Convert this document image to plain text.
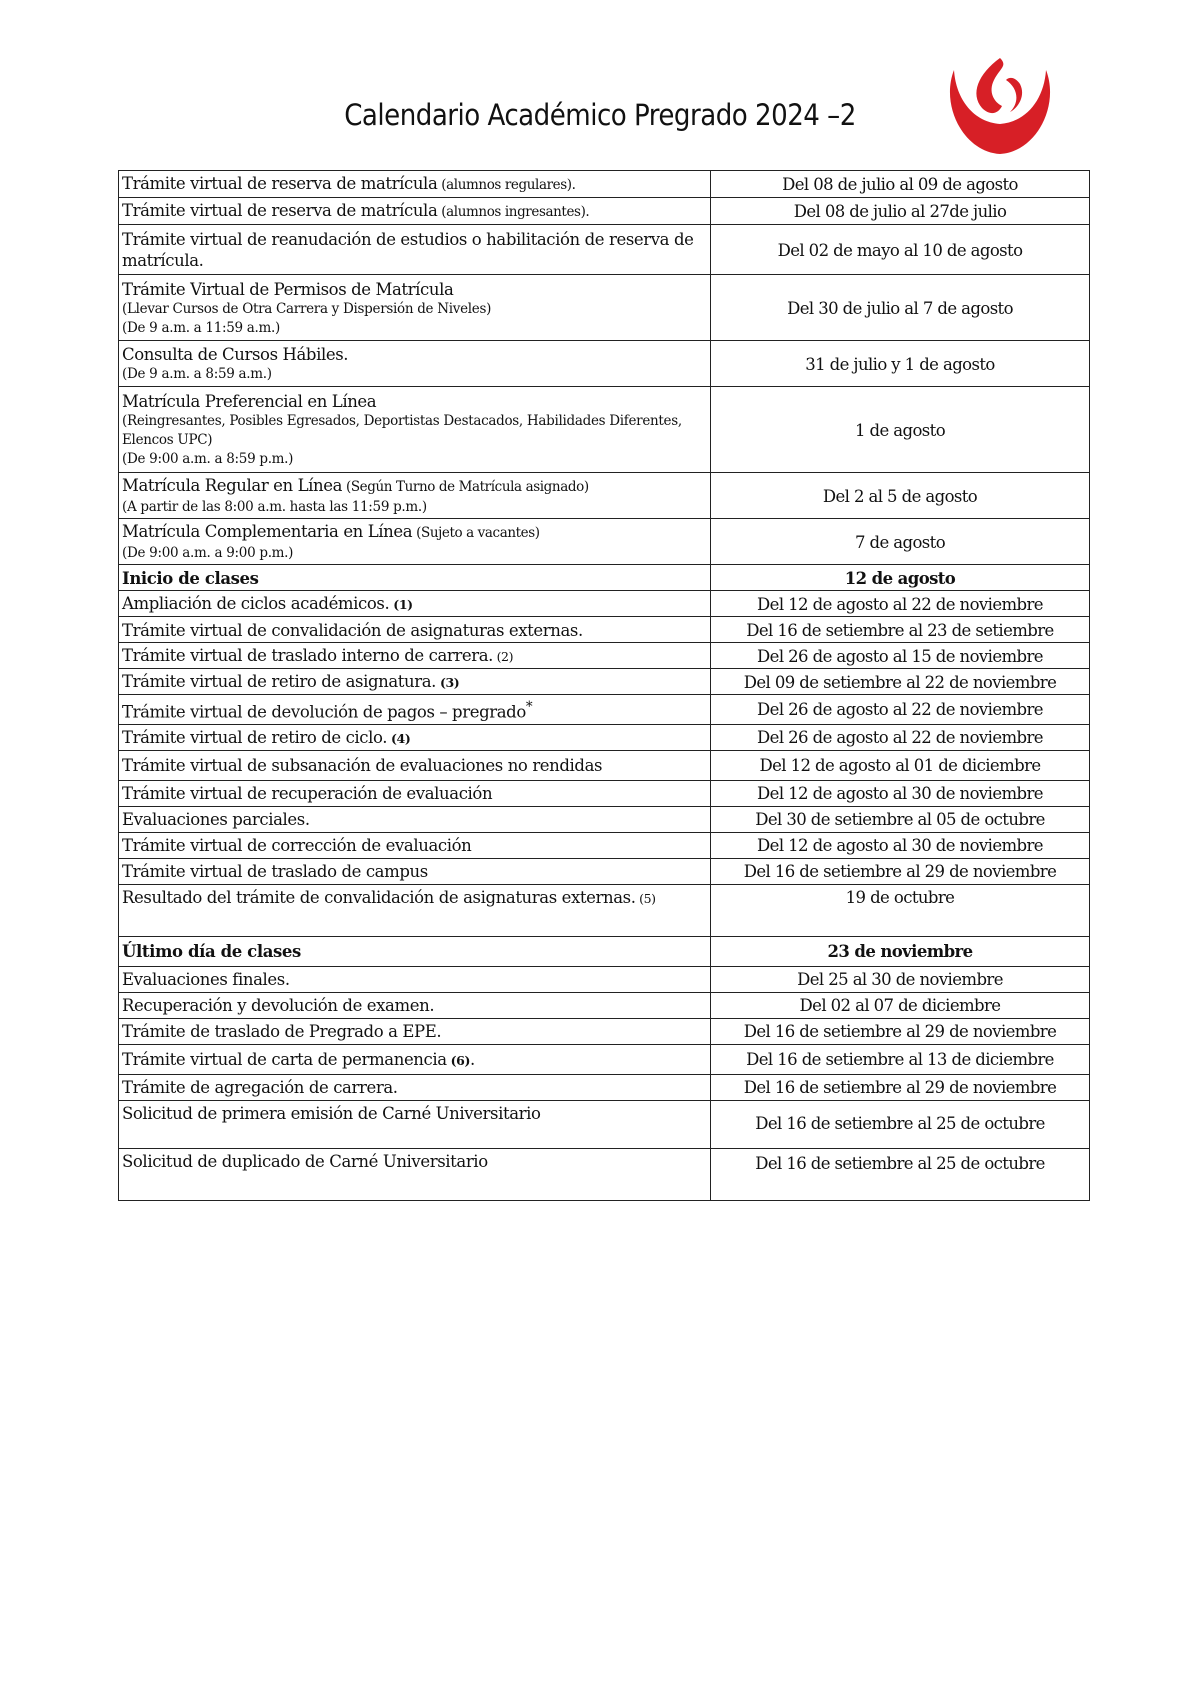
Calendario Académico Pregrado 2024 –2
Trámite virtual de reserva de matrícula (alumnos regulares).	Del 08 de julio al 09 de agosto
Trámite virtual de reserva de matrícula (alumnos ingresantes).	Del 08 de julio al 27de julio
Trámite virtual de reanudación de estudios o habilitación de reserva de matrícula.	Del 02 de mayo al 10 de agosto
Trámite Virtual de Permisos de Matrícula
(Llevar Cursos de Otra Carrera y Dispersión de Niveles)
(De 9 a.m. a 11:59 a.m.)	Del 30 de julio al 7 de agosto
Consulta de Cursos Hábiles.
(De 9 a.m. a 8:59 a.m.)	31 de julio y 1 de agosto
Matrícula Preferencial en Línea
(Reingresantes, Posibles Egresados, Deportistas Destacados, Habilidades Diferentes, Elencos UPC)
(De 9:00 a.m. a 8:59 p.m.)	1 de agosto
Matrícula Regular en Línea (Según Turno de Matrícula asignado)
(A partir de las 8:00 a.m. hasta las 11:59 p.m.)	Del 2 al 5 de agosto
Matrícula Complementaria en Línea (Sujeto a vacantes)
(De 9:00 a.m. a 9:00 p.m.)	7 de agosto
Inicio de clases	12 de agosto
Ampliación de ciclos académicos. (1)	Del 12 de agosto al 22 de noviembre
Trámite virtual de convalidación de asignaturas externas.	Del 16 de setiembre al 23 de setiembre
Trámite virtual de traslado interno de carrera. (2)	Del 26 de agosto al 15 de noviembre
Trámite virtual de retiro de asignatura. (3)	Del 09 de setiembre al 22 de noviembre
Trámite virtual de devolución de pagos – pregrado*	Del 26 de agosto al 22 de noviembre
Trámite virtual de retiro de ciclo. (4)	Del 26 de agosto al 22 de noviembre
Trámite virtual de subsanación de evaluaciones no rendidas	Del 12 de agosto al 01 de diciembre
Trámite virtual de recuperación de evaluación	Del 12 de agosto al 30 de noviembre
Evaluaciones parciales.	Del 30 de setiembre al 05 de octubre
Trámite virtual de corrección de evaluación	Del 12 de agosto al 30 de noviembre
Trámite virtual de traslado de campus	Del 16 de setiembre al 29 de noviembre
Resultado del trámite de convalidación de asignaturas externas. (5)	19 de octubre
Último día de clases	23 de noviembre
Evaluaciones finales.	Del 25 al 30 de noviembre
Recuperación y devolución de examen.	Del 02 al 07 de diciembre
Trámite de traslado de Pregrado a EPE.	Del 16 de setiembre al 29 de noviembre
Trámite virtual de carta de permanencia (6).	Del 16 de setiembre al 13 de diciembre
Trámite de agregación de carrera.	Del 16 de setiembre al 29 de noviembre
Solicitud de primera emisión de Carné Universitario	Del 16 de setiembre al 25 de octubre
Solicitud de duplicado de Carné Universitario	Del 16 de setiembre al 25 de octubre
